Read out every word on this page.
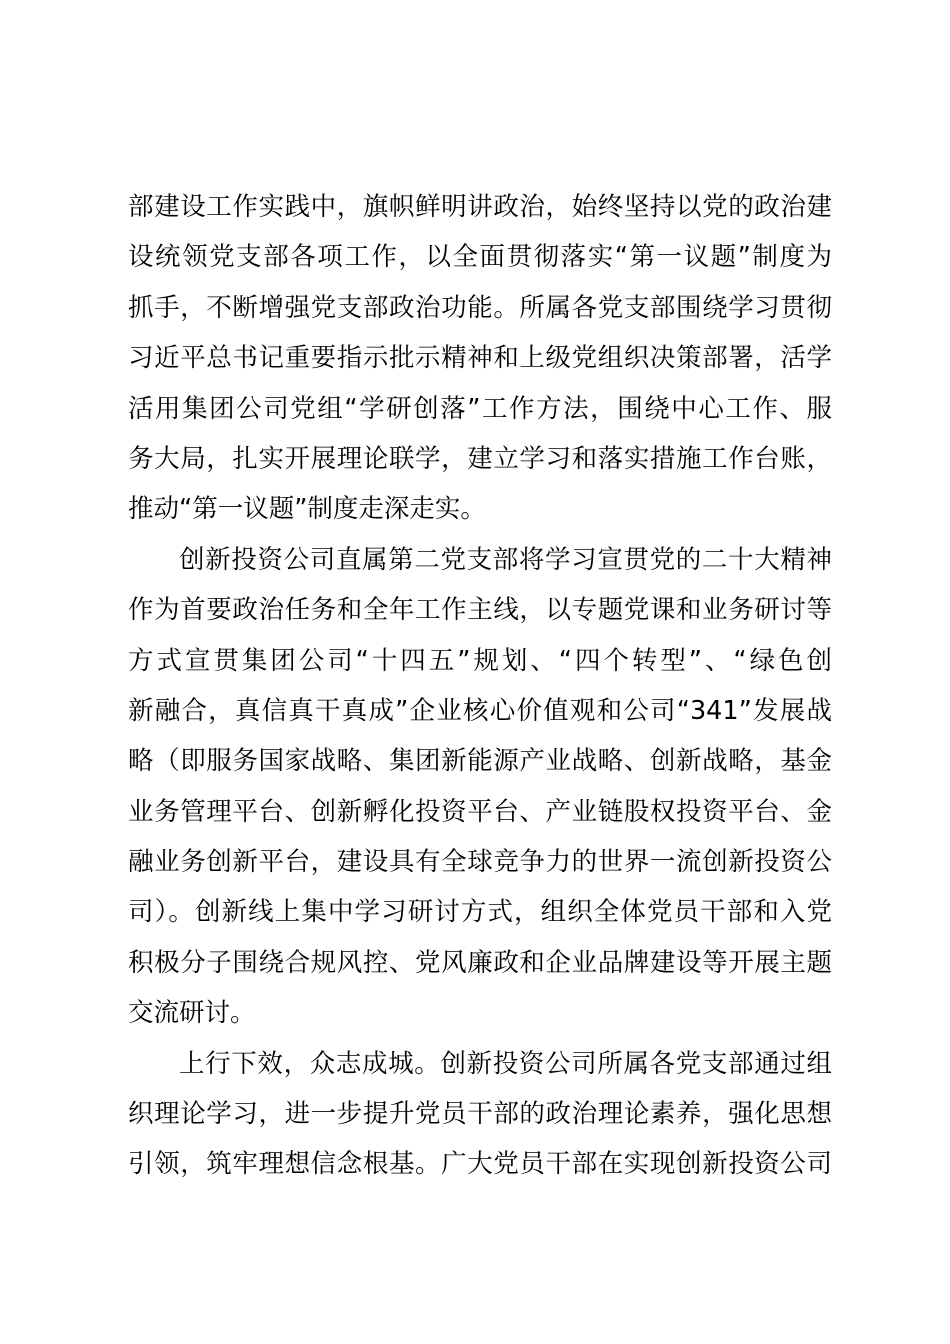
部建设工作实践中，旗帜鲜明讲政治，始终坚持以党的政治建
设统领党支部各项工作，以全面贯彻落实“第一议题”制度为
抓手，不断增强党支部政治功能。所属各党支部围绕学习贯彻
习近平总书记重要指示批示精神和上级党组织决策部署，活学
活用集团公司党组“学研创落”工作方法，围绕中心工作、服
务大局，扎实开展理论联学，建立学习和落实措施工作台账，
推动“第一议题”制度走深走实。
创新投资公司直属第二党支部将学习宣贯党的二十大精神
作为首要政治任务和全年工作主线，以专题党课和业务研讨等
方式宣贯集团公司“十四五”规划、“四个转型”、“绿色创
新融合，真信真干真成”企业核心价值观和公司“341”发展战
略（即服务国家战略、集团新能源产业战略、创新战略，基金
业务管理平台、创新孵化投资平台、产业链股权投资平台、金
融业务创新平台，建设具有全球竞争力的世界一流创新投资公
司）。创新线上集中学习研讨方式，组织全体党员干部和入党
积极分子围绕合规风控、党风廉政和企业品牌建设等开展主题
交流研讨。
上行下效，众志成城。创新投资公司所属各党支部通过组
织理论学习，进一步提升党员干部的政治理论素养，强化思想
引领，筑牢理想信念根基。广大党员干部在实现创新投资公司
